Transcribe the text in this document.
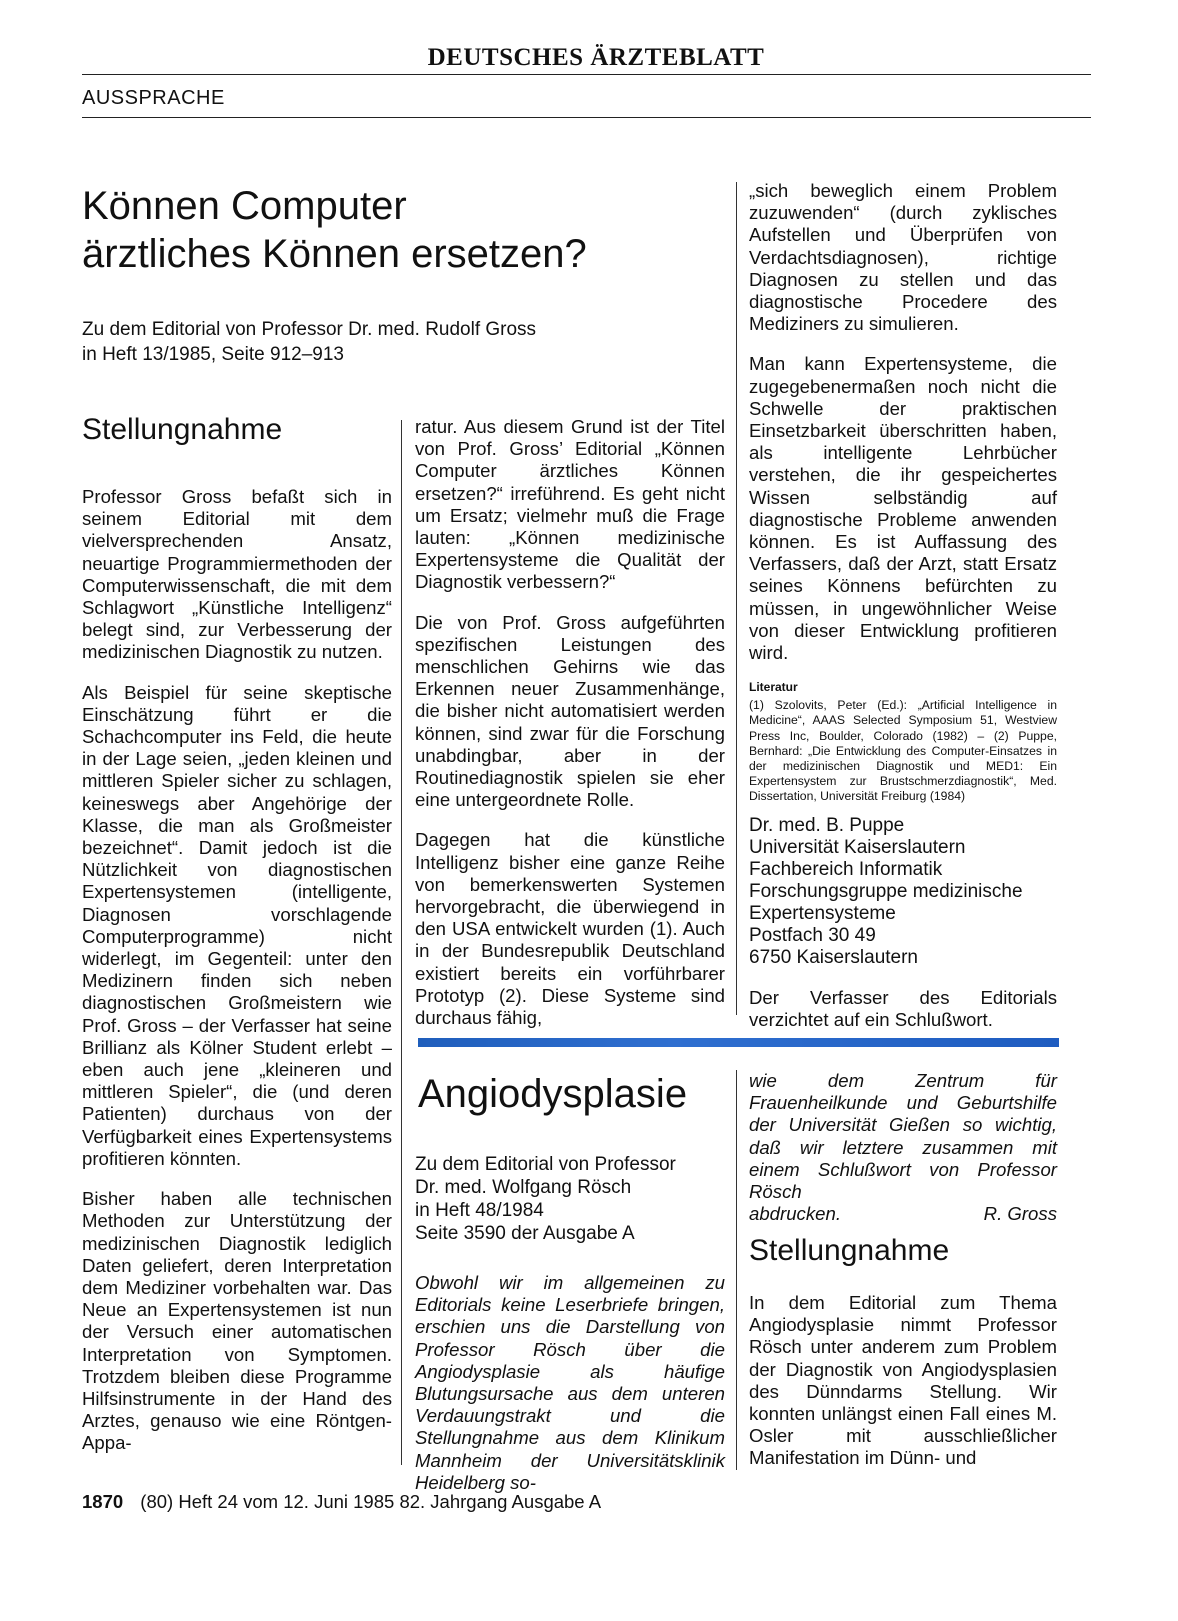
DEUTSCHES ÄRZTEBLATT
AUSSPRACHE
Können Computer
ärztliches Können ersetzen?
Zu dem Editorial von Professor Dr. med. Rudolf Gross
in Heft 13/1985, Seite 912–913
Stellungnahme

Professor Gross befaßt sich in seinem Editorial mit dem vielversprechenden Ansatz, neuartige Programmiermethoden der Computerwissenschaft, die mit dem Schlagwort „Künstliche Intelligenz“ belegt sind, zur Verbesserung der medizinischen Diagnostik zu nutzen.

Als Beispiel für seine skeptische Einschätzung führt er die Schachcomputer ins Feld, die heute in der Lage seien, „jeden kleinen und mittleren Spieler sicher zu schlagen, keineswegs aber Angehörige der Klasse, die man als Großmeister bezeichnet“. Damit jedoch ist die Nützlichkeit von diagnostischen Expertensystemen (intelligente, Diagnosen vorschlagende Computerprogramme) nicht widerlegt, im Gegenteil: unter den Medizinern finden sich neben diagnostischen Großmeistern wie Prof. Gross – der Verfasser hat seine Brillianz als Kölner Student erlebt – eben auch jene „kleineren und mittleren Spieler“, die (und deren Patienten) durchaus von der Verfügbarkeit eines Expertensystems profitieren könnten.

Bisher haben alle technischen Methoden zur Unterstützung der medizinischen Diagnostik lediglich Daten geliefert, deren Interpretation dem Mediziner vorbehalten war. Das Neue an Expertensystemen ist nun der Versuch einer automatischen Interpretation von Symptomen. Trotzdem bleiben diese Programme Hilfsinstrumente in der Hand des Arztes, genauso wie eine Röntgen-Appa-

ratur. Aus diesem Grund ist der Titel von Prof. Gross’ Editorial „Können Computer ärztliches Können ersetzen?“ irreführend. Es geht nicht um Ersatz; vielmehr muß die Frage lauten: „Können medizinische Expertensysteme die Qualität der Diagnostik verbessern?“

Die von Prof. Gross aufgeführten spezifischen Leistungen des menschlichen Gehirns wie das Erkennen neuer Zusammenhänge, die bisher nicht automatisiert werden können, sind zwar für die Forschung unabdingbar, aber in der Routinediagnostik spielen sie eher eine untergeordnete Rolle.

Dagegen hat die künstliche Intelligenz bisher eine ganze Reihe von bemerkenswerten Systemen hervorgebracht, die überwiegend in den USA entwickelt wurden (1). Auch in der Bundesrepublik Deutschland existiert bereits ein vorführbarer Prototyp (2). Diese Systeme sind durchaus fähig,

„sich beweglich einem Problem zuzuwenden“ (durch zyklisches Aufstellen und Überprüfen von Verdachtsdiagnosen), richtige Diagnosen zu stellen und das diagnostische Procedere des Mediziners zu simulieren.

Man kann Expertensysteme, die zugegebenermaßen noch nicht die Schwelle der praktischen Einsetzbarkeit überschritten haben, als intelligente Lehrbücher verstehen, die ihr gespeichertes Wissen selbständig auf diagnostische Probleme anwenden können. Es ist Auffassung des Verfassers, daß der Arzt, statt Ersatz seines Könnens befürchten zu müssen, in ungewöhnlicher Weise von dieser Entwicklung profitieren wird.

Literatur
(1) Szolovits, Peter (Ed.): „Artificial Intelligence in Medicine“, AAAS Selected Symposium 51, Westview Press Inc, Boulder, Colorado (1982) – (2) Puppe, Bernhard: „Die Entwicklung des Computer-Einsatzes in der medizinischen Diagnostik und MED1: Ein Expertensystem zur Brustschmerzdiagnostik“, Med. Dissertation, Universität Freiburg (1984)
Dr. med. B. Puppe
Universität Kaiserslautern
Fachbereich Informatik
Forschungsgruppe medizinische
Expertensysteme
Postfach 30 49
6750 Kaiserslautern
Der Verfasser des Editorials verzichtet auf ein Schlußwort.
Angiodysplasie
Zu dem Editorial von Professor
Dr. med. Wolfgang Rösch
in Heft 48/1984
Seite 3590 der Ausgabe A
Obwohl wir im allgemeinen zu Editorials keine Leserbriefe bringen, erschien uns die Darstellung von Professor Rösch über die Angiodysplasie als häufige Blutungsursache aus dem unteren Verdauungstrakt und die Stellungnahme aus dem Klinikum Mannheim der Universitätsklinik Heidelberg so-
wie dem Zentrum für Frauenheilkunde und Geburtshilfe der Universität Gießen so wichtig, daß wir letztere zusammen mit einem Schlußwort von Professor Rösch
abdrucken.	R. Gross
Stellungnahme
In dem Editorial zum Thema Angiodysplasie nimmt Professor Rösch unter anderem zum Problem der Diagnostik von Angiodysplasien des Dünndarms Stellung. Wir konnten unlängst einen Fall eines M. Osler mit ausschließlicher Manifestation im Dünn- und
1870 (80) Heft 24 vom 12. Juni 1985 82. Jahrgang Ausgabe A
